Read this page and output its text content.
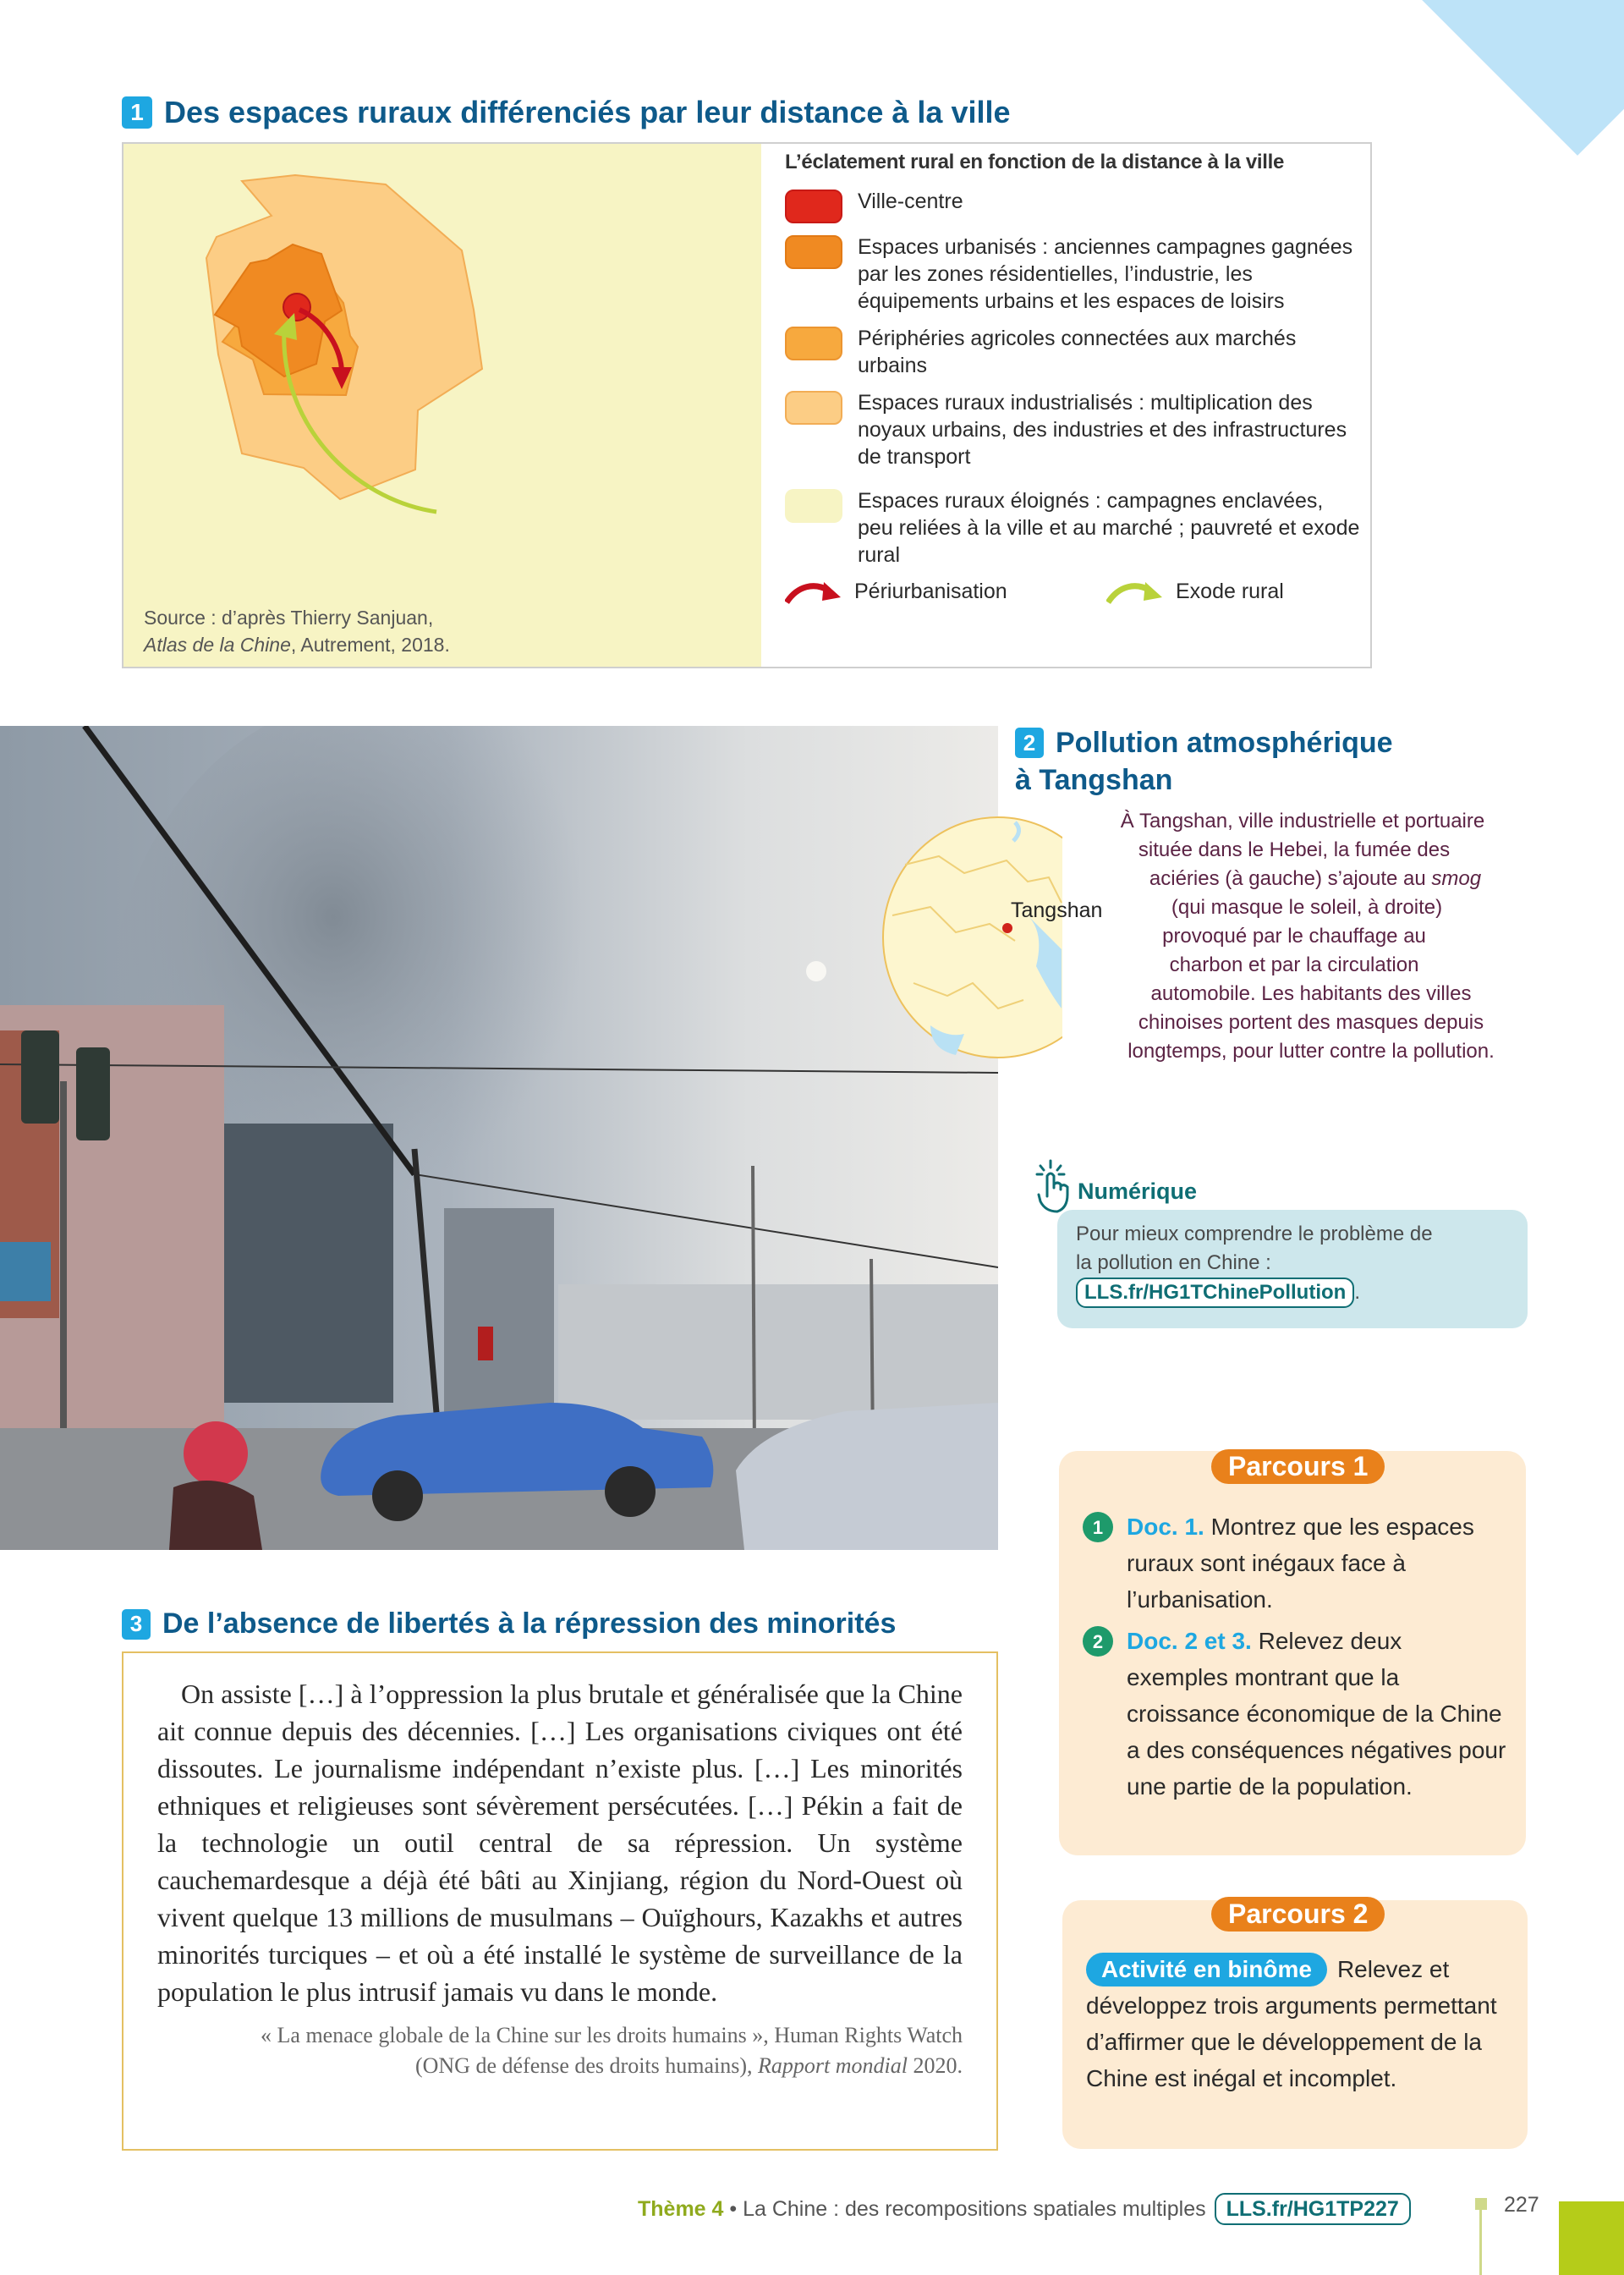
1 Des espaces ruraux différenciés par leur distance à la ville
Source : d’après Thierry Sanjuan,
Atlas de la Chine, Autrement, 2018.
L’éclatement rural en fonction de la distance à la ville
Ville-centre
Espaces urbanisés : anciennes campagnes gagnées par les zones résidentielles, l’industrie, les équipements urbains et les espaces de loisirs
Périphéries agricoles connectées aux marchés urbains
Espaces ruraux industrialisés : multiplication des noyaux urbains, des industries et des infrastructures de transport
Espaces ruraux éloignés : campagnes enclavées, peu reliées à la ville et au marché ; pauvreté et exode rural
Périurbanisation	Exode rural
2 Pollution atmosphérique
à Tangshan
Tangshan
À Tangshan, ville industrielle et portuaire
située dans le Hebei, la fumée des
aciéries (à gauche) s’ajoute au smog
(qui masque le soleil, à droite)
provoqué par le chauffage au
charbon et par la circulation
automobile. Les habitants des villes
chinoises portent des masques depuis
longtemps, pour lutter contre la pollution.
Numérique
Pour mieux comprendre le problème de
la pollution en Chine :
LLS.fr/HG1TChinePollution .
Parcours 1
1 Doc. 1. Montrez que les espaces ruraux sont inégaux face à l’urbanisation.
2 Doc. 2 et 3. Relevez deux exemples montrant que la croissance économique de la Chine a des conséquences négatives pour une partie de la population.
Parcours 2
Activité en binôme Relevez et développez trois arguments permettant d’affirmer que le développement de la Chine est inégal et incomplet.
3 De l’absence de libertés à la répression des minorités

On assiste […] à l’oppression la plus brutale et généralisée que la Chine ait connue depuis des décennies. […] Les organisations civiques ont été dissoutes. Le journalisme indépendant n’existe plus. […] Les minorités ethniques et religieuses sont sévèrement persécutées. […] Pékin a fait de la technologie un outil central de sa répression. Un système cauchemardesque a déjà été bâti au Xinjiang, région du Nord-Ouest où vivent quelque 13 millions de musulmans – Ouïghours, Kazakhs et autres minorités turciques – et où a été installé le système de surveillance de la population le plus intrusif jamais vu dans le monde.

« La menace globale de la Chine sur les droits humains », Human Rights Watch
(ONG de défense des droits humains), Rapport mondial 2020.
Thème 4 • La Chine : des recompositions spatiales multiples LLS.fr/HG1TP227	227
